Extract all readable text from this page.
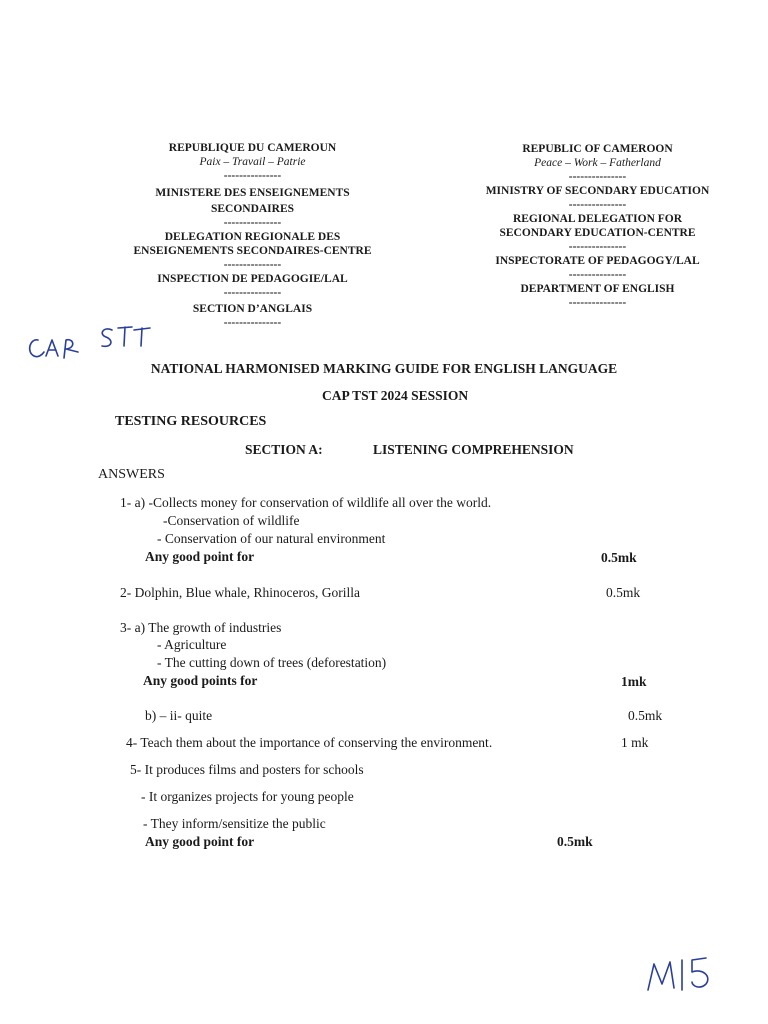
REPUBLIQUE DU CAMEROUN
Paix – Travail – Patrie
---------------
MINISTERE DES ENSEIGNEMENTS
SECONDAIRES
---------------
DELEGATION REGIONALE DES
ENSEIGNEMENTS SECONDAIRES-CENTRE
---------------
INSPECTION DE PEDAGOGIE/LAL
---------------
SECTION D’ANGLAIS
---------------
REPUBLIC OF CAMEROON
Peace – Work – Fatherland
---------------
MINISTRY OF SECONDARY EDUCATION
---------------
REGIONAL DELEGATION FOR
SECONDARY EDUCATION-CENTRE
---------------
INSPECTORATE OF PEDAGOGY/LAL
---------------
DEPARTMENT OF ENGLISH
---------------
NATIONAL HARMONISED MARKING GUIDE FOR ENGLISH LANGUAGE
CAP TST 2024 SESSION
TESTING RESOURCES
SECTION A:	LISTENING COMPREHENSION
ANSWERS
1- a) -Collects money for conservation of wildlife all over the world.
-Conservation of wildlife
- Conservation of our natural environment
Any good point for	0.5mk
2- Dolphin, Blue whale, Rhinoceros, Gorilla	0.5mk
3- a) The growth of industries
- Agriculture
- The cutting down of trees (deforestation)
Any good points for	1mk
b) – ii- quite	0.5mk
4- Teach them about the importance of conserving the environment.	1 mk
5- It produces films and posters for schools
- It organizes projects for young people
- They inform/sensitize the public
Any good point for	0.5mk
